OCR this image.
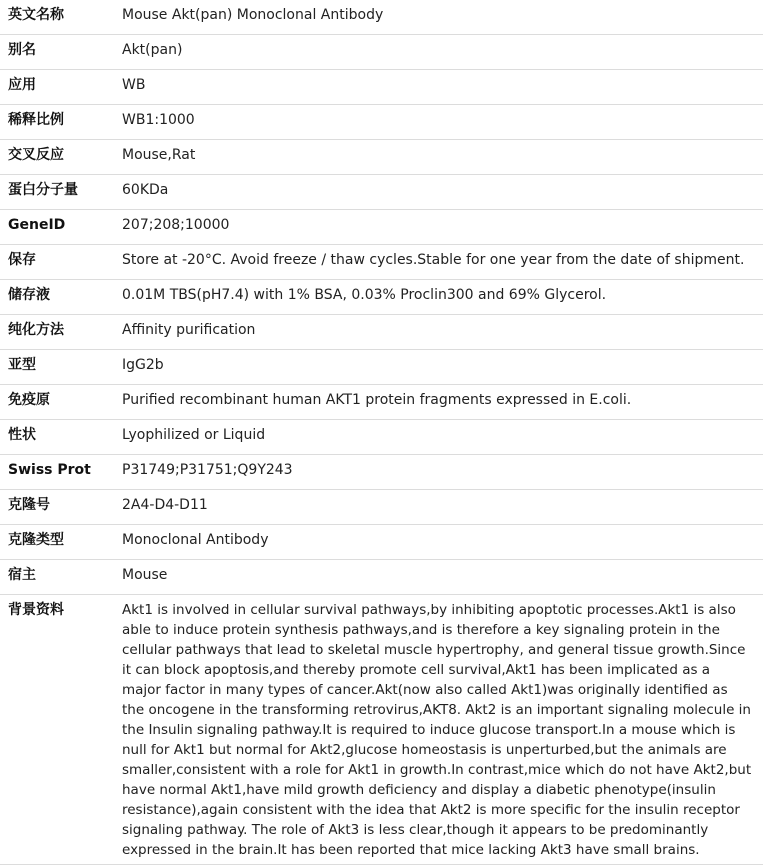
英文名称	Mouse Akt(pan) Monoclonal Antibody
别名	Akt(pan)
应用	WB
稀释比例	WB1:1000
交叉反应	Mouse,Rat
蛋白分子量	60KDa
GeneID	207;208;10000
保存	Store at -20°C. Avoid freeze / thaw cycles.Stable for one year from the date of shipment.
储存液	0.01M TBS(pH7.4) with 1% BSA, 0.03% Proclin300 and 69% Glycerol.
纯化方法	Affinity purification
亚型	IgG2b
免疫原	Purified recombinant human AKT1 protein fragments expressed in E.coli.
性状	Lyophilized or Liquid
Swiss Prot	P31749;P31751;Q9Y243
克隆号	2A4-D4-D11
克隆类型	Monoclonal Antibody
宿主	Mouse
背景资料	Akt1 is involved in cellular survival pathways,by inhibiting apoptotic processes.Akt1 is also able to induce protein synthesis pathways,and is therefore a key signaling protein in the cellular pathways that lead to skeletal muscle hypertrophy, and general tissue growth.Since it can block apoptosis,and thereby promote cell survival,Akt1 has been implicated as a major factor in many types of cancer.Akt(now also called Akt1)was originally identified as the oncogene in the transforming retrovirus,AKT8. Akt2 is an important signaling molecule in the Insulin signaling pathway.It is required to induce glucose transport.In a mouse which is null for Akt1 but normal for Akt2,glucose homeostasis is unperturbed,but the animals are smaller,consistent with a role for Akt1 in growth.In contrast,mice which do not have Akt2,but have normal Akt1,have mild growth deficiency and display a diabetic phenotype(insulin resistance),again consistent with the idea that Akt2 is more specific for the insulin receptor signaling pathway. The role of Akt3 is less clear,though it appears to be predominantly expressed in the brain.It has been reported that mice lacking Akt3 have small brains.
